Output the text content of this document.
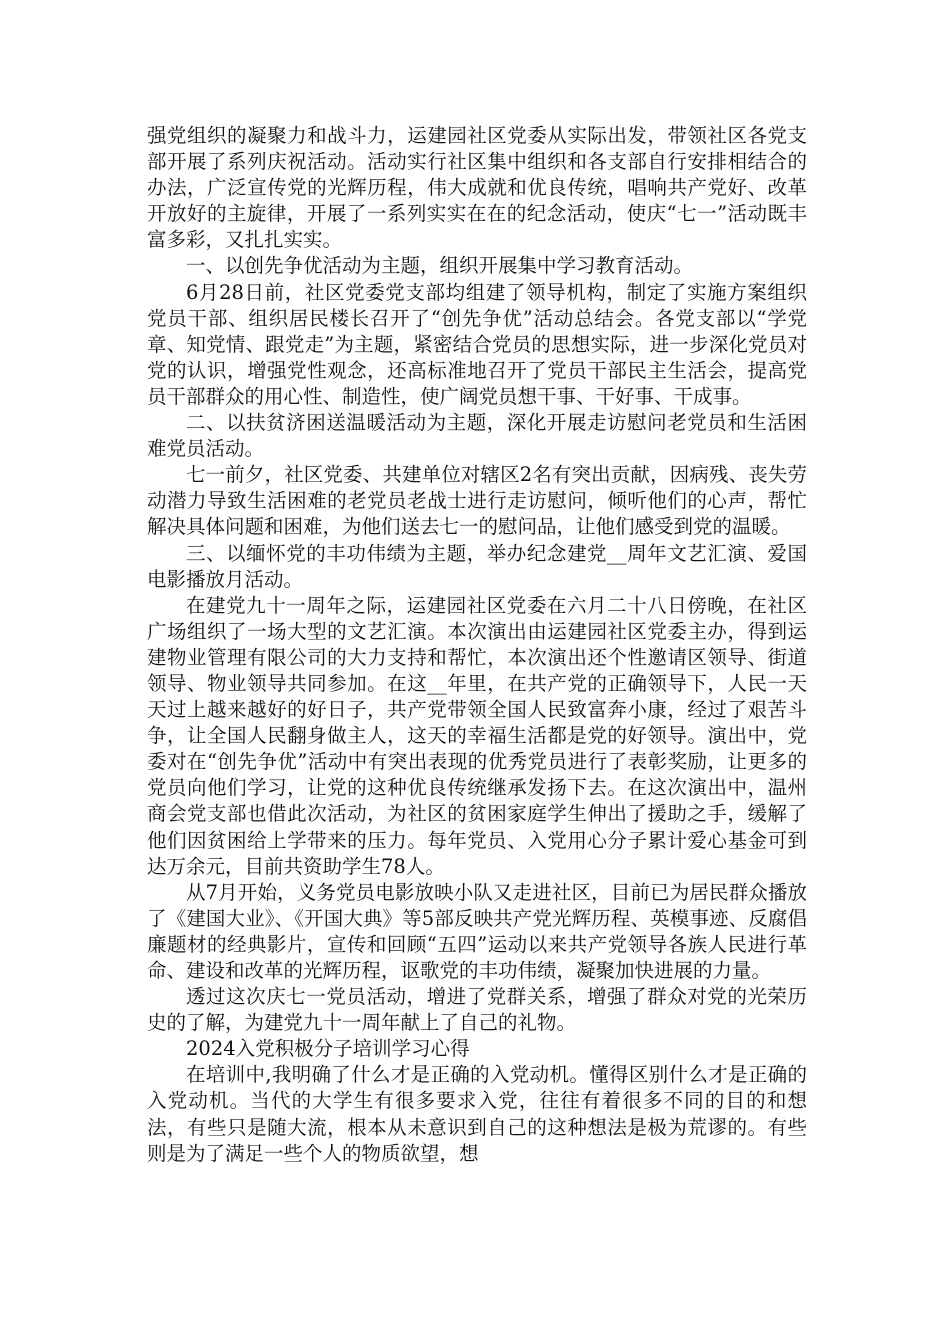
强党组织的凝聚力和战斗力，运建园社区党委从实际出发，带领社区各党支部开展了系列庆祝活动。活动实行社区集中组织和各支部自行安排相结合的办法，广泛宣传党的光辉历程，伟大成就和优良传统，唱响共产党好、改革开放好的主旋律，开展了一系列实实在在的纪念活动，使庆“七一”活动既丰富多彩，又扎扎实实。

一、以创先争优活动为主题，组织开展集中学习教育活动。

6月28日前，社区党委党支部均组建了领导机构，制定了实施方案组织党员干部、组织居民楼长召开了“创先争优”活动总结会。各党支部以“学党章、知党情、跟党走”为主题，紧密结合党员的思想实际，进一步深化党员对党的认识，增强党性观念，还高标准地召开了党员干部民主生活会，提高党员干部群众的用心性、制造性，使广阔党员想干事、干好事、干成事。

二、以扶贫济困送温暖活动为主题，深化开展走访慰问老党员和生活困难党员活动。

七一前夕，社区党委、共建单位对辖区2名有突出贡献，因病残、丧失劳动潜力导致生活困难的老党员老战士进行走访慰问，倾听他们的心声，帮忙解决具体问题和困难，为他们送去七一的慰问品，让他们感受到党的温暖。

三、以缅怀党的丰功伟绩为主题，举办纪念建党__周年文艺汇演、爱国电影播放月活动。

在建党九十一周年之际，运建园社区党委在六月二十八日傍晚，在社区广场组织了一场大型的文艺汇演。本次演出由运建园社区党委主办，得到运建物业管理有限公司的大力支持和帮忙，本次演出还个性邀请区领导、街道领导、物业领导共同参加。在这__年里，在共产党的正确领导下，人民一天天过上越来越好的好日子，共产党带领全国人民致富奔小康，经过了艰苦斗争，让全国人民翻身做主人，这天的幸福生活都是党的好领导。演出中，党委对在“创先争优”活动中有突出表现的优秀党员进行了表彰奖励，让更多的党员向他们学习，让党的这种优良传统继承发扬下去。在这次演出中，温州商会党支部也借此次活动，为社区的贫困家庭学生伸出了援助之手，缓解了他们因贫困给上学带来的压力。每年党员、入党用心分子累计爱心基金可到达万余元，目前共资助学生78人。

从7月开始，义务党员电影放映小队又走进社区，目前已为居民群众播放了《建国大业》、《开国大典》等5部反映共产党光辉历程、英模事迹、反腐倡廉题材的经典影片，宣传和回顾“五四”运动以来共产党领导各族人民进行革命、建设和改革的光辉历程，讴歌党的丰功伟绩，凝聚加快进展的力量。

透过这次庆七一党员活动，增进了党群关系，增强了群众对党的光荣历史的了解，为建党九十一周年献上了自己的礼物。

2024入党积极分子培训学习心得

在培训中,我明确了什么才是正确的入党动机。懂得区别什么才是正确的入党动机。当代的大学生有很多要求入党，往往有着很多不同的目的和想法，有些只是随大流，根本从未意识到自己的这种想法是极为荒谬的。有些则是为了满足一些个人的物质欲望，想
